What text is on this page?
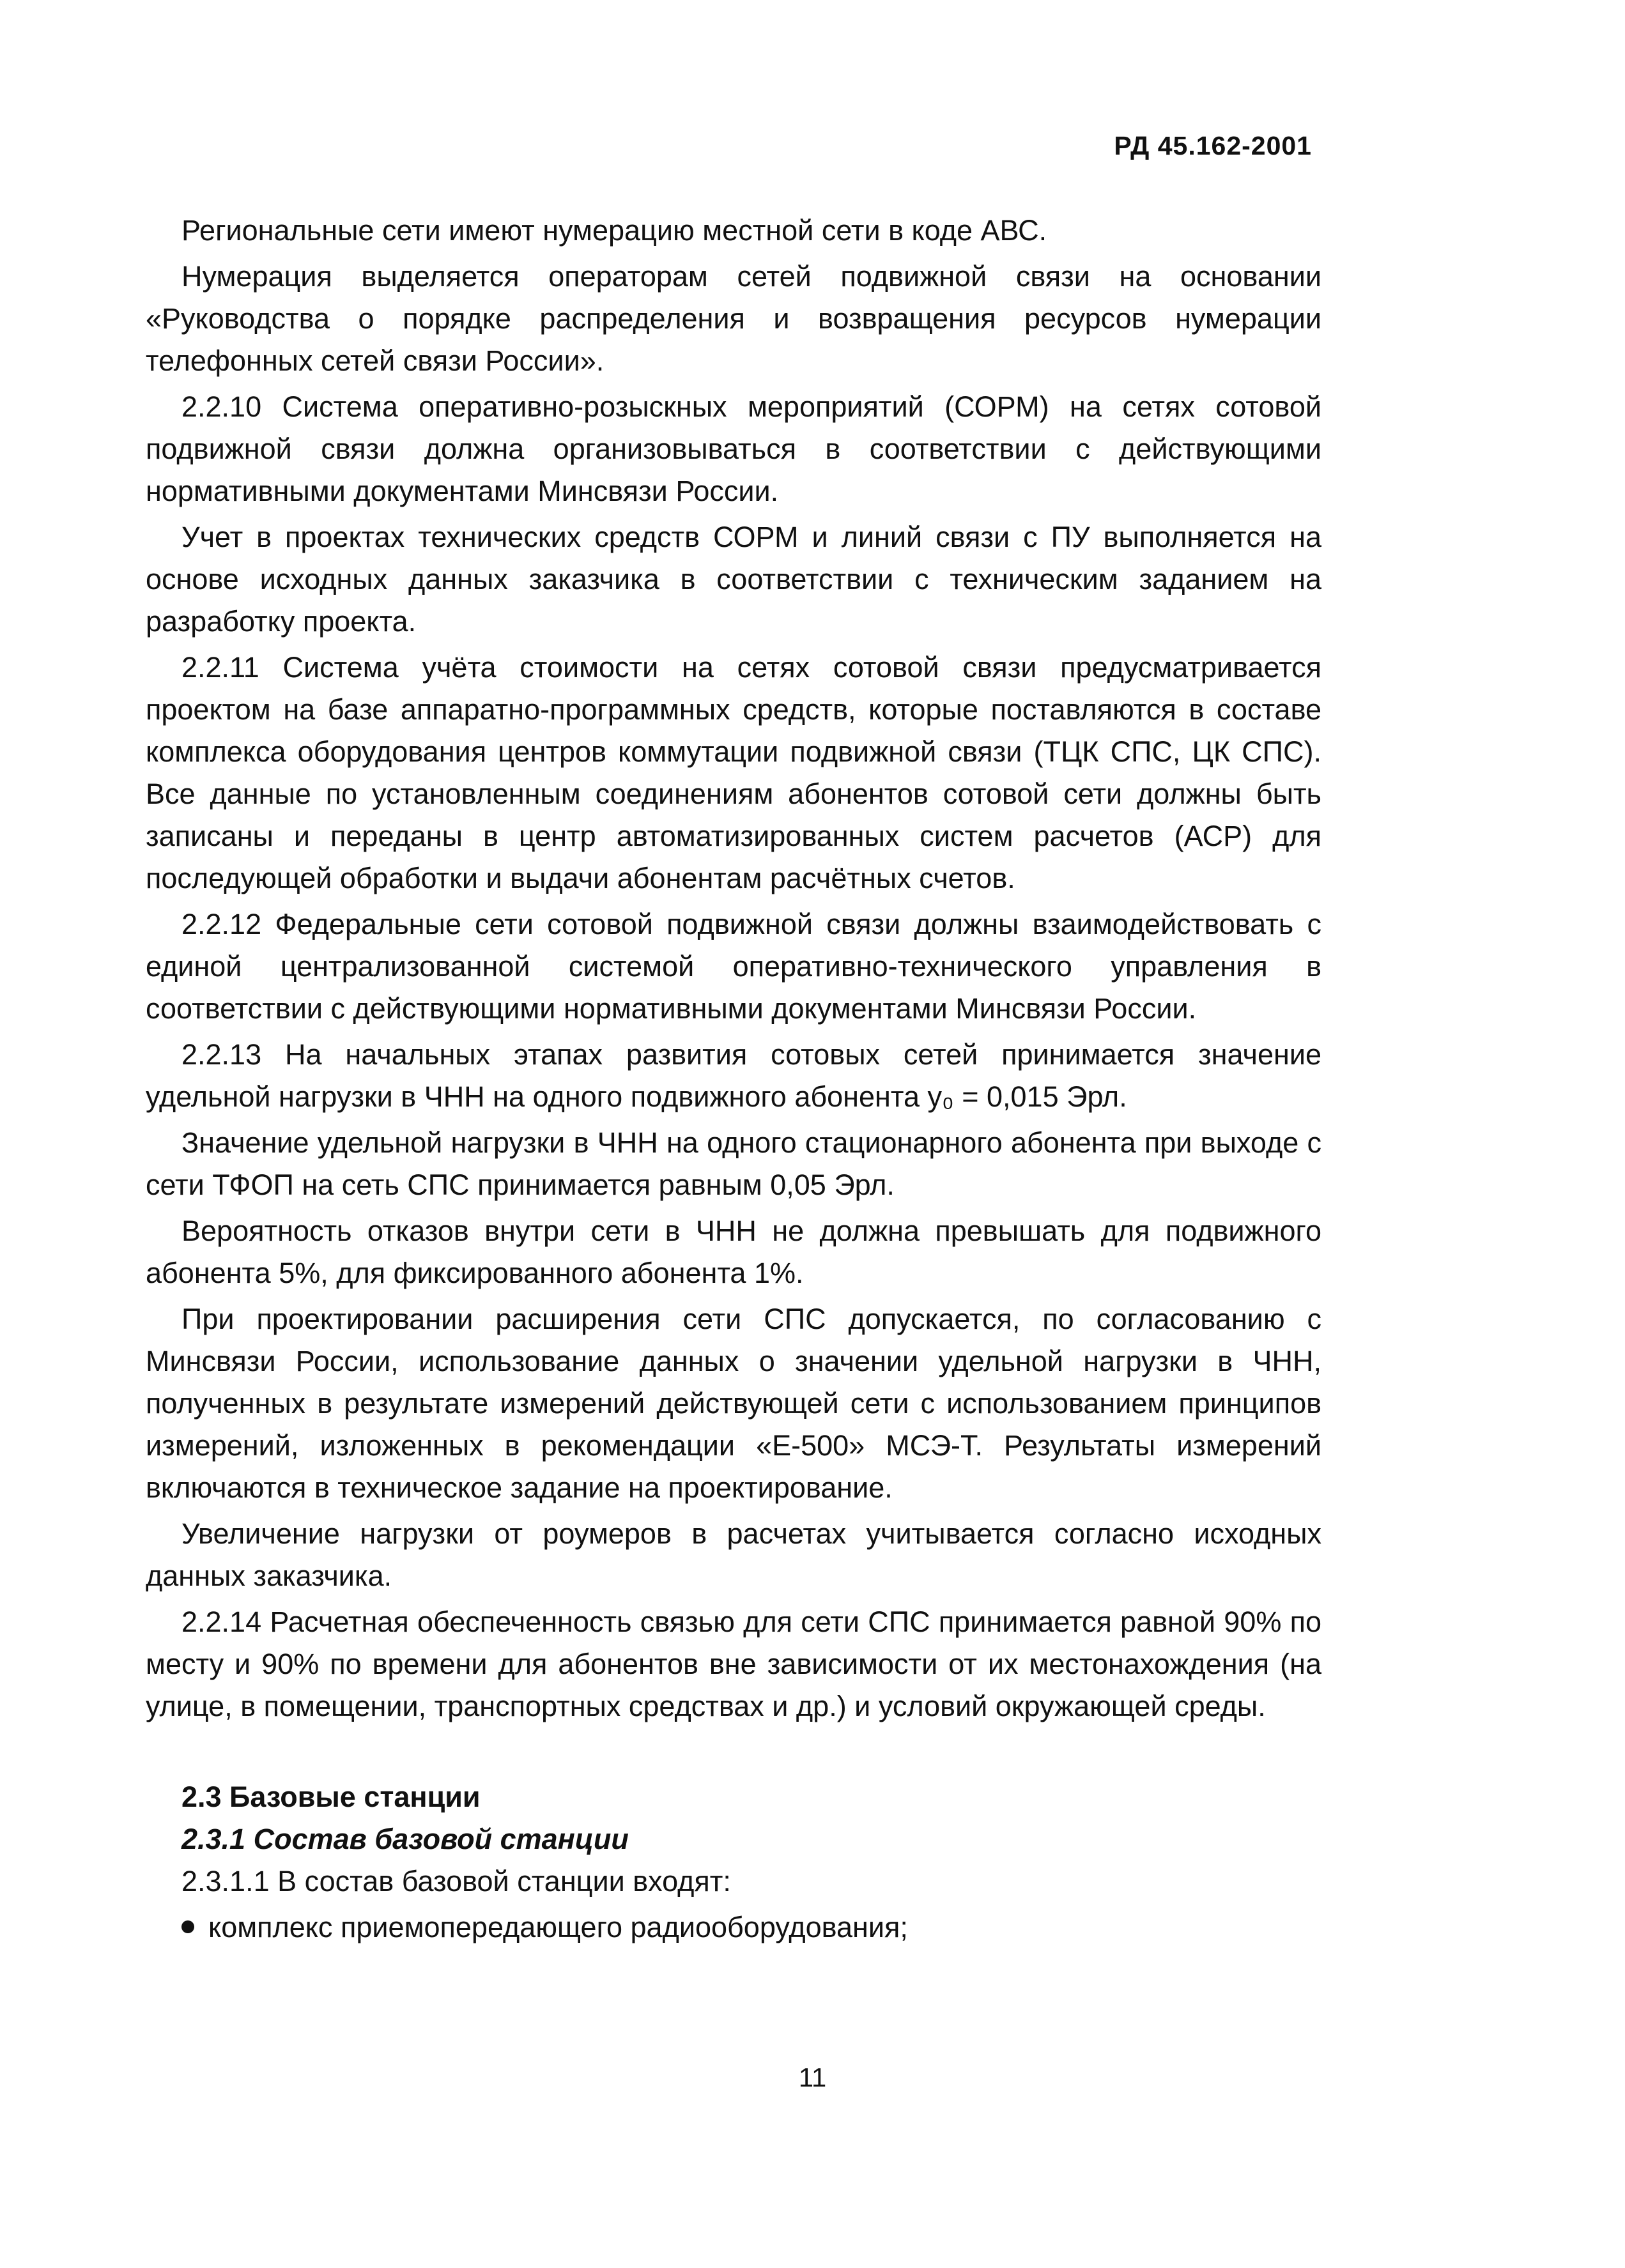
РД 45.162-2001

Региональные сети имеют нумерацию местной сети в коде АВС.

Нумерация выделяется операторам сетей подвижной связи на основании «Руководства о порядке распределения и возвращения ресурсов нумерации телефонных сетей связи России».

2.2.10 Система оперативно-розыскных мероприятий (СОРМ) на сетях сотовой подвижной связи должна организовываться в соответствии с действующими нормативными документами Минсвязи России.

Учет в проектах технических средств СОРМ и линий связи с ПУ выполняется на основе исходных данных заказчика в соответствии с техническим заданием на разработку проекта.

2.2.11 Система учёта стоимости на сетях сотовой связи предусматривается проектом на базе аппаратно-программных средств, которые поставляются в составе комплекса оборудования центров коммутации подвижной связи (ТЦК СПС, ЦК СПС). Все данные по установленным соединениям абонентов сотовой сети должны быть записаны и переданы в центр автоматизированных систем расчетов (АСР) для последующей обработки и выдачи абонентам расчётных счетов.

2.2.12 Федеральные сети сотовой подвижной связи должны взаимодействовать с единой централизованной системой оперативно-технического управления в соответствии с действующими нормативными документами Минсвязи России.

2.2.13 На начальных этапах развития сотовых сетей принимается значение удельной нагрузки в ЧНН на одного подвижного абонента y₀ = 0,015 Эрл.

Значение удельной нагрузки в ЧНН на одного стационарного абонента при выходе с сети ТФОП на сеть СПС принимается равным 0,05 Эрл.

Вероятность отказов внутри сети в ЧНН не должна превышать для подвижного абонента 5%, для фиксированного абонента 1%.

При проектировании расширения сети СПС допускается, по согласованию с Минсвязи России, использование данных о значении удельной нагрузки в ЧНН, полученных в результате измерений действующей сети с использованием принципов измерений, изложенных в рекомендации «Е-500» МСЭ-Т. Результаты измерений включаются в техническое задание на проектирование.

Увеличение нагрузки от роумеров в расчетах учитывается согласно исходных данных заказчика.

2.2.14 Расчетная обеспеченность связью для сети СПС принимается равной 90% по месту и 90% по времени для абонентов вне зависимости от их местонахождения (на улице, в помещении, транспортных средствах и др.) и условий окружающей среды.

2.3 Базовые станции
2.3.1 Состав базовой станции

2.3.1.1 В состав базовой станции входят:

комплекс приемопередающего радиооборудования;

11
